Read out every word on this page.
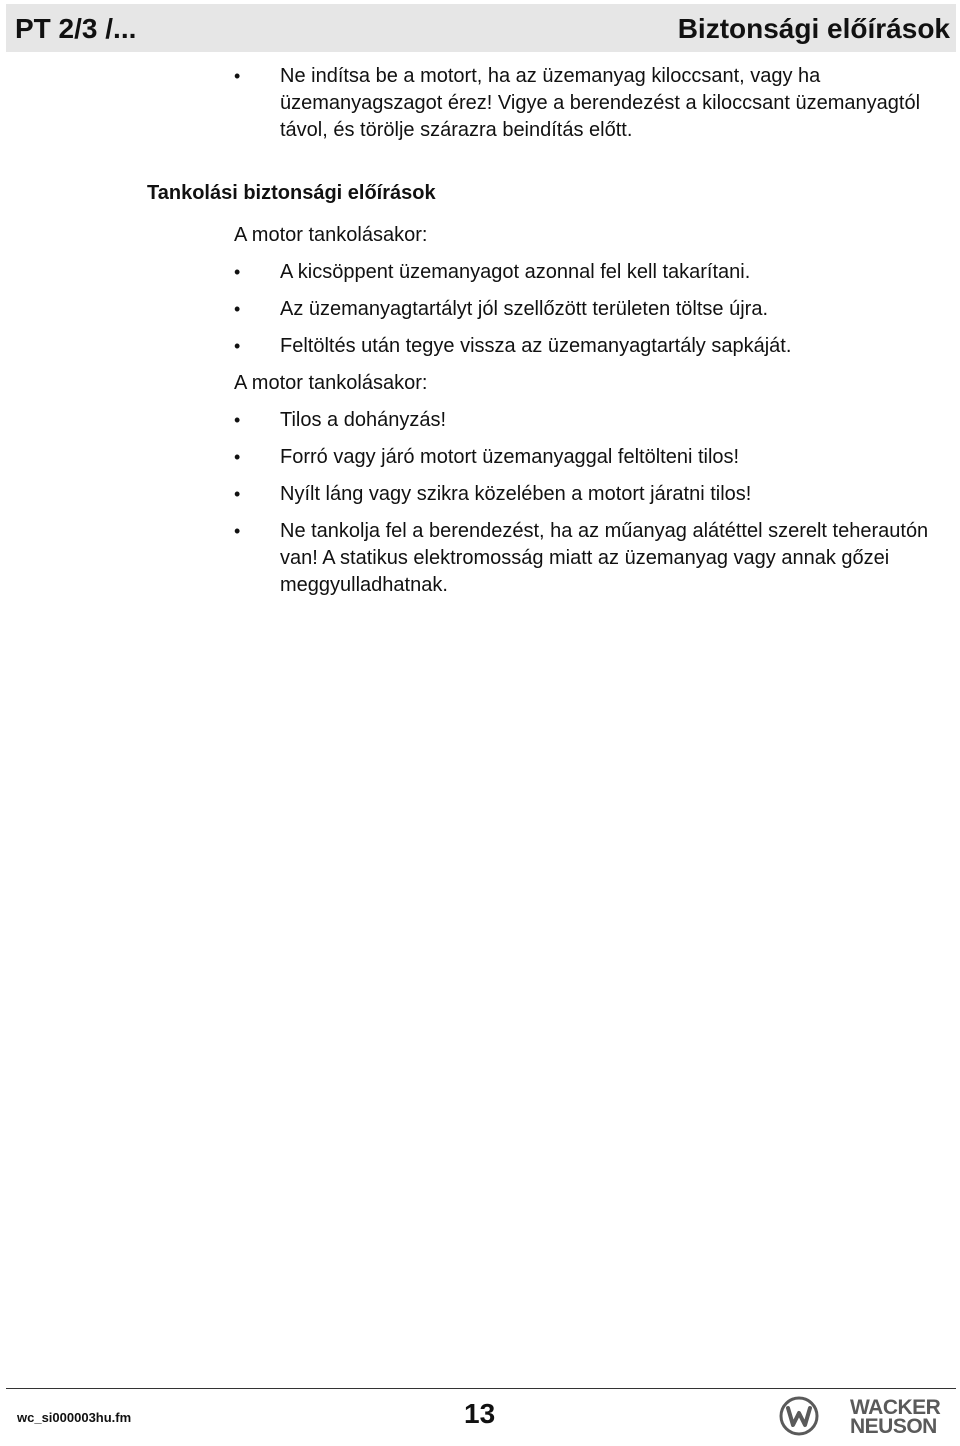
PT 2/3 /...	Biztonsági előírások
• Ne indítsa be a motort, ha az üzemanyag kiloccsant, vagy ha üzemanyagszagot érez! Vigye a berendezést a kiloccsant üzemanyagtól távol, és törölje szárazra beindítás előtt.
Tankolási biztonsági előírások
A motor tankolásakor:
• A kicsöppent üzemanyagot azonnal fel kell takarítani.
• Az üzemanyagtartályt jól szellőzött területen töltse újra.
• Feltöltés után tegye vissza az üzemanyagtartály sapkáját.
A motor tankolásakor:
• Tilos a dohányzás!
• Forró vagy járó motort üzemanyaggal feltölteni tilos!
• Nyílt láng vagy szikra közelében a motort járatni tilos!
• Ne tankolja fel a berendezést, ha az műanyag alátéttel szerelt teherautón van! A statikus elektromosság miatt az üzemanyag vagy annak gőzei meggyulladhatnak.
wc_si000003hu.fm	13	WACKER
NEUSON
